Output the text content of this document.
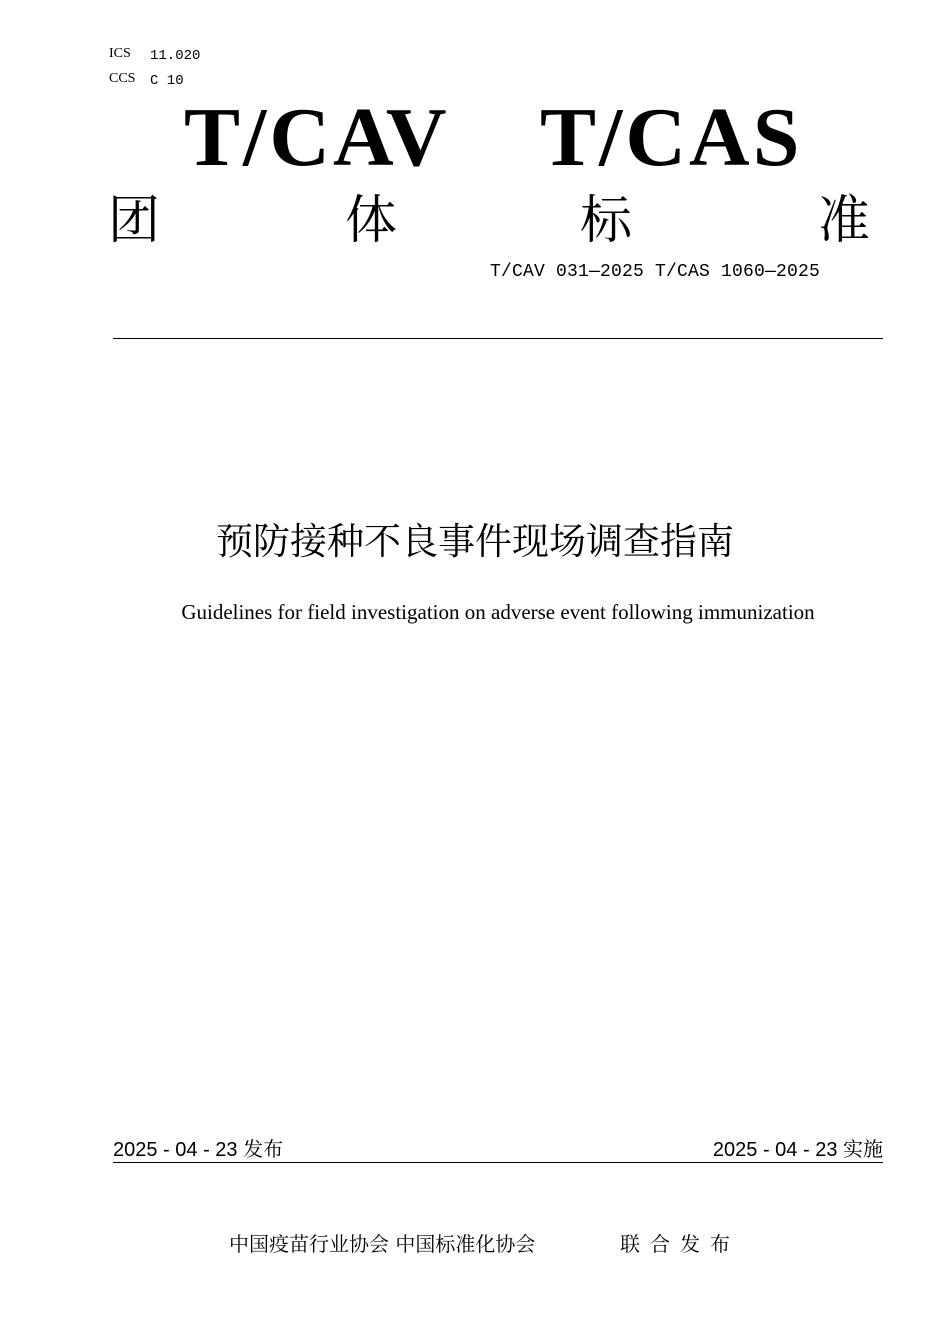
ICS 11.020
CCS C 10
T/CAV T/CAS
团	体	标	准
T/CAV 031—2025 T/CAS 1060—2025
预防接种不良事件现场调查指南
Guidelines for field investigation on adverse event following immunization
2025 - 04 - 23 发布	2025 - 04 - 23 实施
中国疫苗行业协会 中国标准化协会	联合发布
